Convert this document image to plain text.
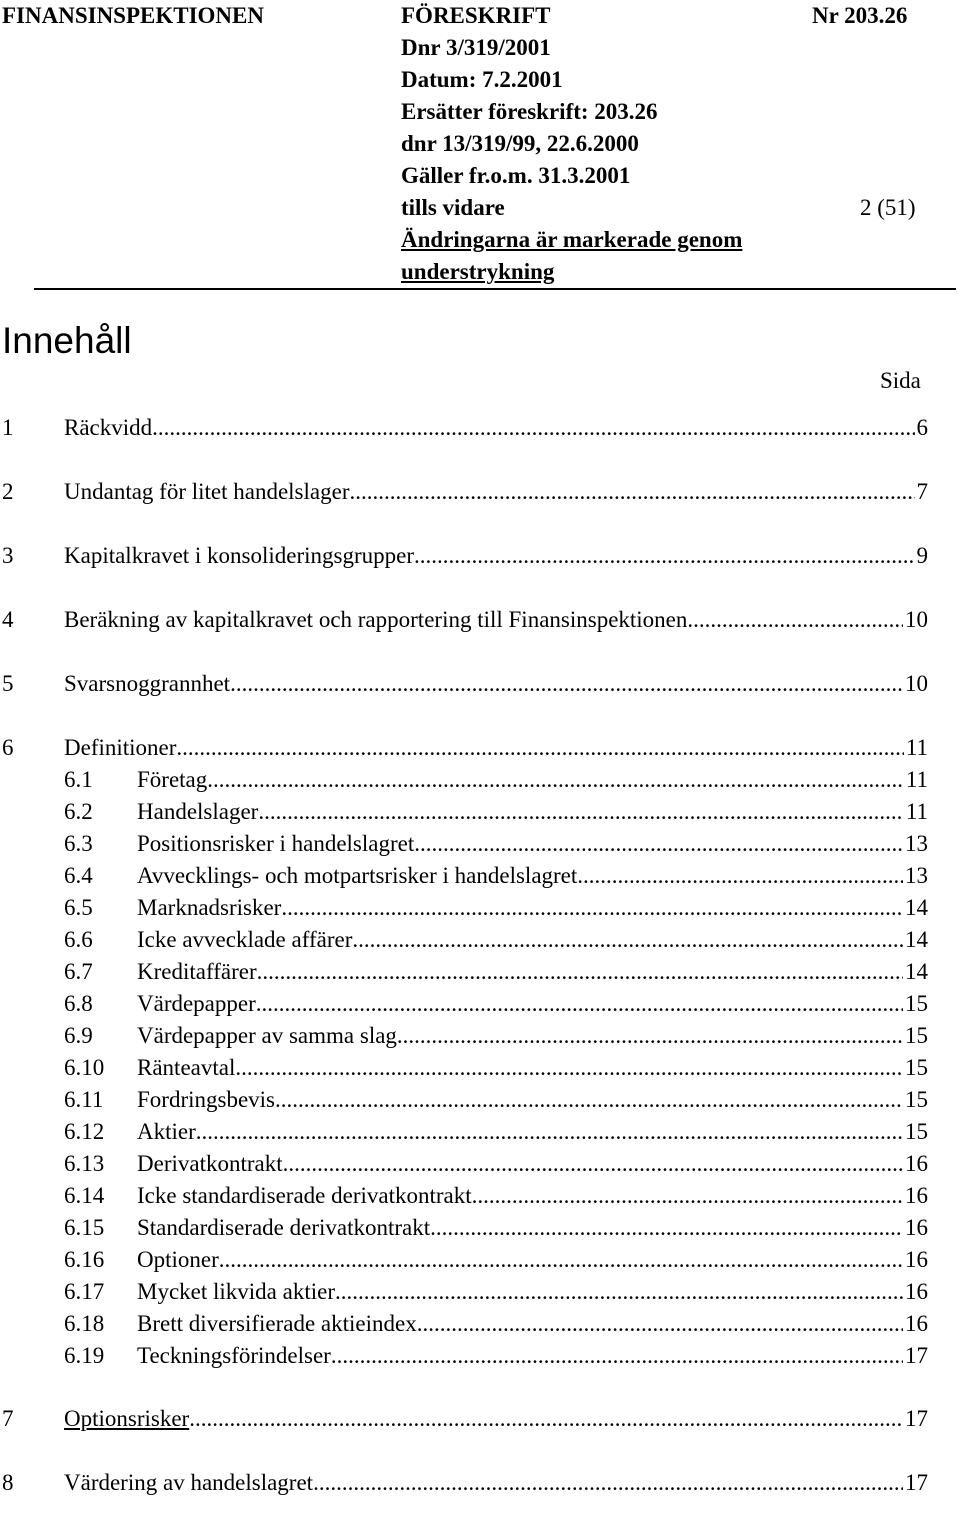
FINANSINSPEKTIONEN	FÖRESKRIFT	Nr 203.26
Dnr 3/319/2001
Datum: 7.2.2001
Ersätter föreskrift: 203.26
dnr 13/319/99, 22.6.2000
Gäller fr.o.m. 31.3.2001
tills vidare	2 (51)
Ändringarna är markerade genom
understrykning
Innehåll
Sida
1 Räckvidd .....	6
2 Undantag för litet handelslager .....	7
3 Kapitalkravet i konsolideringsgrupper .....	9
4 Beräkning av kapitalkravet och rapportering till Finansinspektionen .....	10
5 Svarsnoggrannhet .....	10
6 Definitioner .....	11
6.1 Företag .....	11
6.2 Handelslager .....	11
6.3 Positionsrisker i handelslagret .....	13
6.4 Avvecklings- och motpartsrisker i handelslagret .....	13
6.5 Marknadsrisker .....	14
6.6 Icke avvecklade affärer .....	14
6.7 Kreditaffärer .....	14
6.8 Värdepapper .....	15
6.9 Värdepapper av samma slag .....	15
6.10 Ränteavtal .....	15
6.11 Fordringsbevis .....	15
6.12 Aktier .....	15
6.13 Derivatkontrakt .....	16
6.14 Icke standardiserade derivatkontrakt .....	16
6.15 Standardiserade derivatkontrakt .....	16
6.16 Optioner .....	16
6.17 Mycket likvida aktier .....	16
6.18 Brett diversifierade aktieindex .....	16
6.19 Teckningsförindelser .....	17
7 Optionsrisker .....	17
8 Värdering av handelslagret .....	17
